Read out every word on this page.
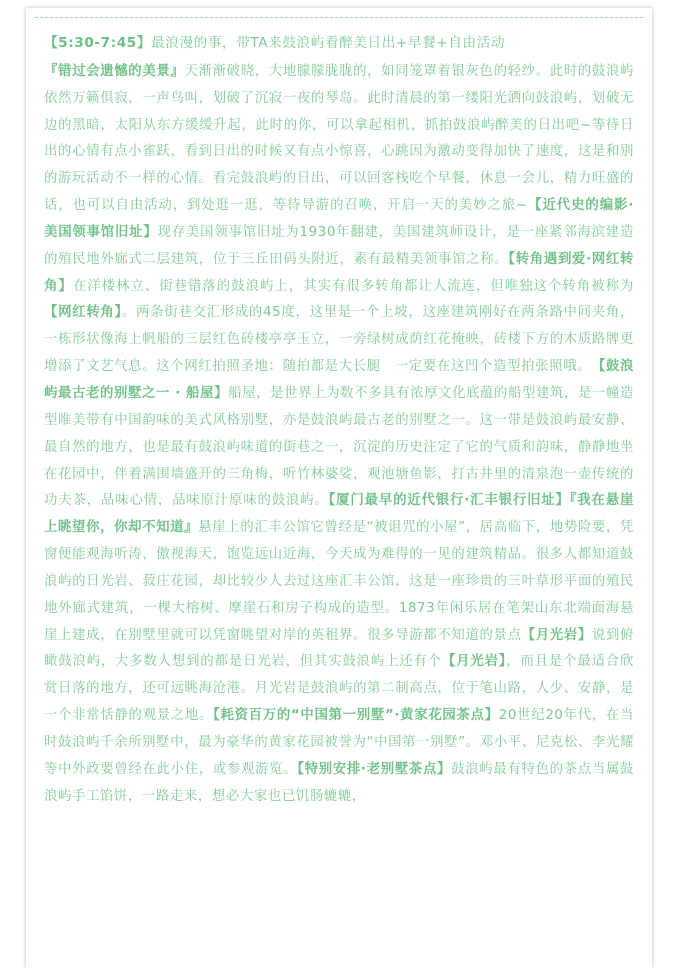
【5:30-7:45】最浪漫的事，带TA来鼓浪屿看醉美日出+早餐+自由活动

『错过会遗憾的美景』天渐渐破晓，大地朦朦胧胧的，如同笼罩着银灰色的轻纱。此时的鼓浪屿依然万籁俱寂，一声鸟叫，划破了沉寂一夜的琴岛。此时清晨的第一缕阳光洒向鼓浪屿，划破无边的黑暗，太阳从东方缓缓升起，此时的你，可以拿起相机，抓拍鼓浪屿醉美的日出吧~等待日出的心情有点小雀跃，看到日出的时候又有点小惊喜，心跳因为激动变得加快了速度，这是和别的游玩活动不一样的心情。看完鼓浪屿的日出，可以回客栈吃个早餐，休息一会儿，精力旺盛的话，也可以自由活动，到处逛一逛，等待导游的召唤，开启一天的美妙之旅~【近代史的编影·美国领事馆旧址】现存美国领事馆旧址为1930年翻建，美国建筑师设计，是一座紧邻海滨建造的殖民地外廊式二层建筑，位于三丘田码头附近，素有最精美领事馆之称。【转角遇到爱·网红转角】在洋楼林立、街巷错落的鼓浪屿上，其实有很多转角都让人流连，但唯独这个转角被称为【网红转角】。两条街巷交汇形成的45度，这里是一个上坡，这座建筑刚好在两条路中间夹角，一栋形状像海上帆船的三层红色砖楼亭亭玉立，一旁绿树成荫红花掩映，砖楼下方的木质路牌更增添了文艺气息。这个网红拍照圣地：随拍都是大长腿　一定要在这凹个造型拍张照哦。　【鼓浪屿最古老的别墅之一 · 船屋】船屋，是世界上为数不多具有浓厚文化底蕴的船型建筑，是一幢造型唯美带有中国韵味的美式风格别墅，亦是鼓浪屿最古老的别墅之一。这一带是鼓浪屿最安静、最自然的地方，也是最有鼓浪屿味道的街巷之一，沉淀的历史注定了它的气质和韵味，静静地坐在花园中，伴着满围墙盛开的三角梅，听竹林婆娑，观池塘鱼影，打古井里的清泉泡一壶传统的功夫茶，品味心情，品味原汁原味的鼓浪屿。【厦门最早的近代银行·汇丰银行旧址】『我在悬崖上眺望你，你却不知道』悬崖上的汇丰公馆它曾经是“被诅咒的小屋”，居高临下，地势险要，凭窗便能观海听涛，傲视海天，饱览远山近海，今天成为难得的一见的建筑精品。很多人都知道鼓浪屿的日光岩、菽庄花园，却比较少人去过这座汇丰公馆，这是一座珍贵的三叶草形平面的殖民地外廊式建筑，一棵大榕树、摩崖石和房子构成的造型。1873年闲乐居在笔架山东北端面海悬崖上建成，在别墅里就可以凭窗眺望对岸的英租界。很多导游都不知道的景点【月光岩】说到俯瞰鼓浪屿，大多数人想到的都是日光岩，但其实鼓浪屿上还有个【月光岩】，而且是个最适合欣赏日落的地方，还可远眺海沧港。月光岩是鼓浪屿的第二制高点，位于笔山路，人少、安静，是一个非常恬静的观景之地。【耗资百万的“中国第一别墅”·黄家花园茶点】20世纪20年代，在当时鼓浪屿千余所别墅中，最为豪华的黄家花园被誉为“中国第一别墅”。邓小平、尼克松、李光耀等中外政要曾经在此小住，或参观游览。【特别安排·老别墅茶点】鼓浪屿最有特色的茶点当属鼓浪屿手工馅饼，一路走来，想必大家也已饥肠辘辘，
